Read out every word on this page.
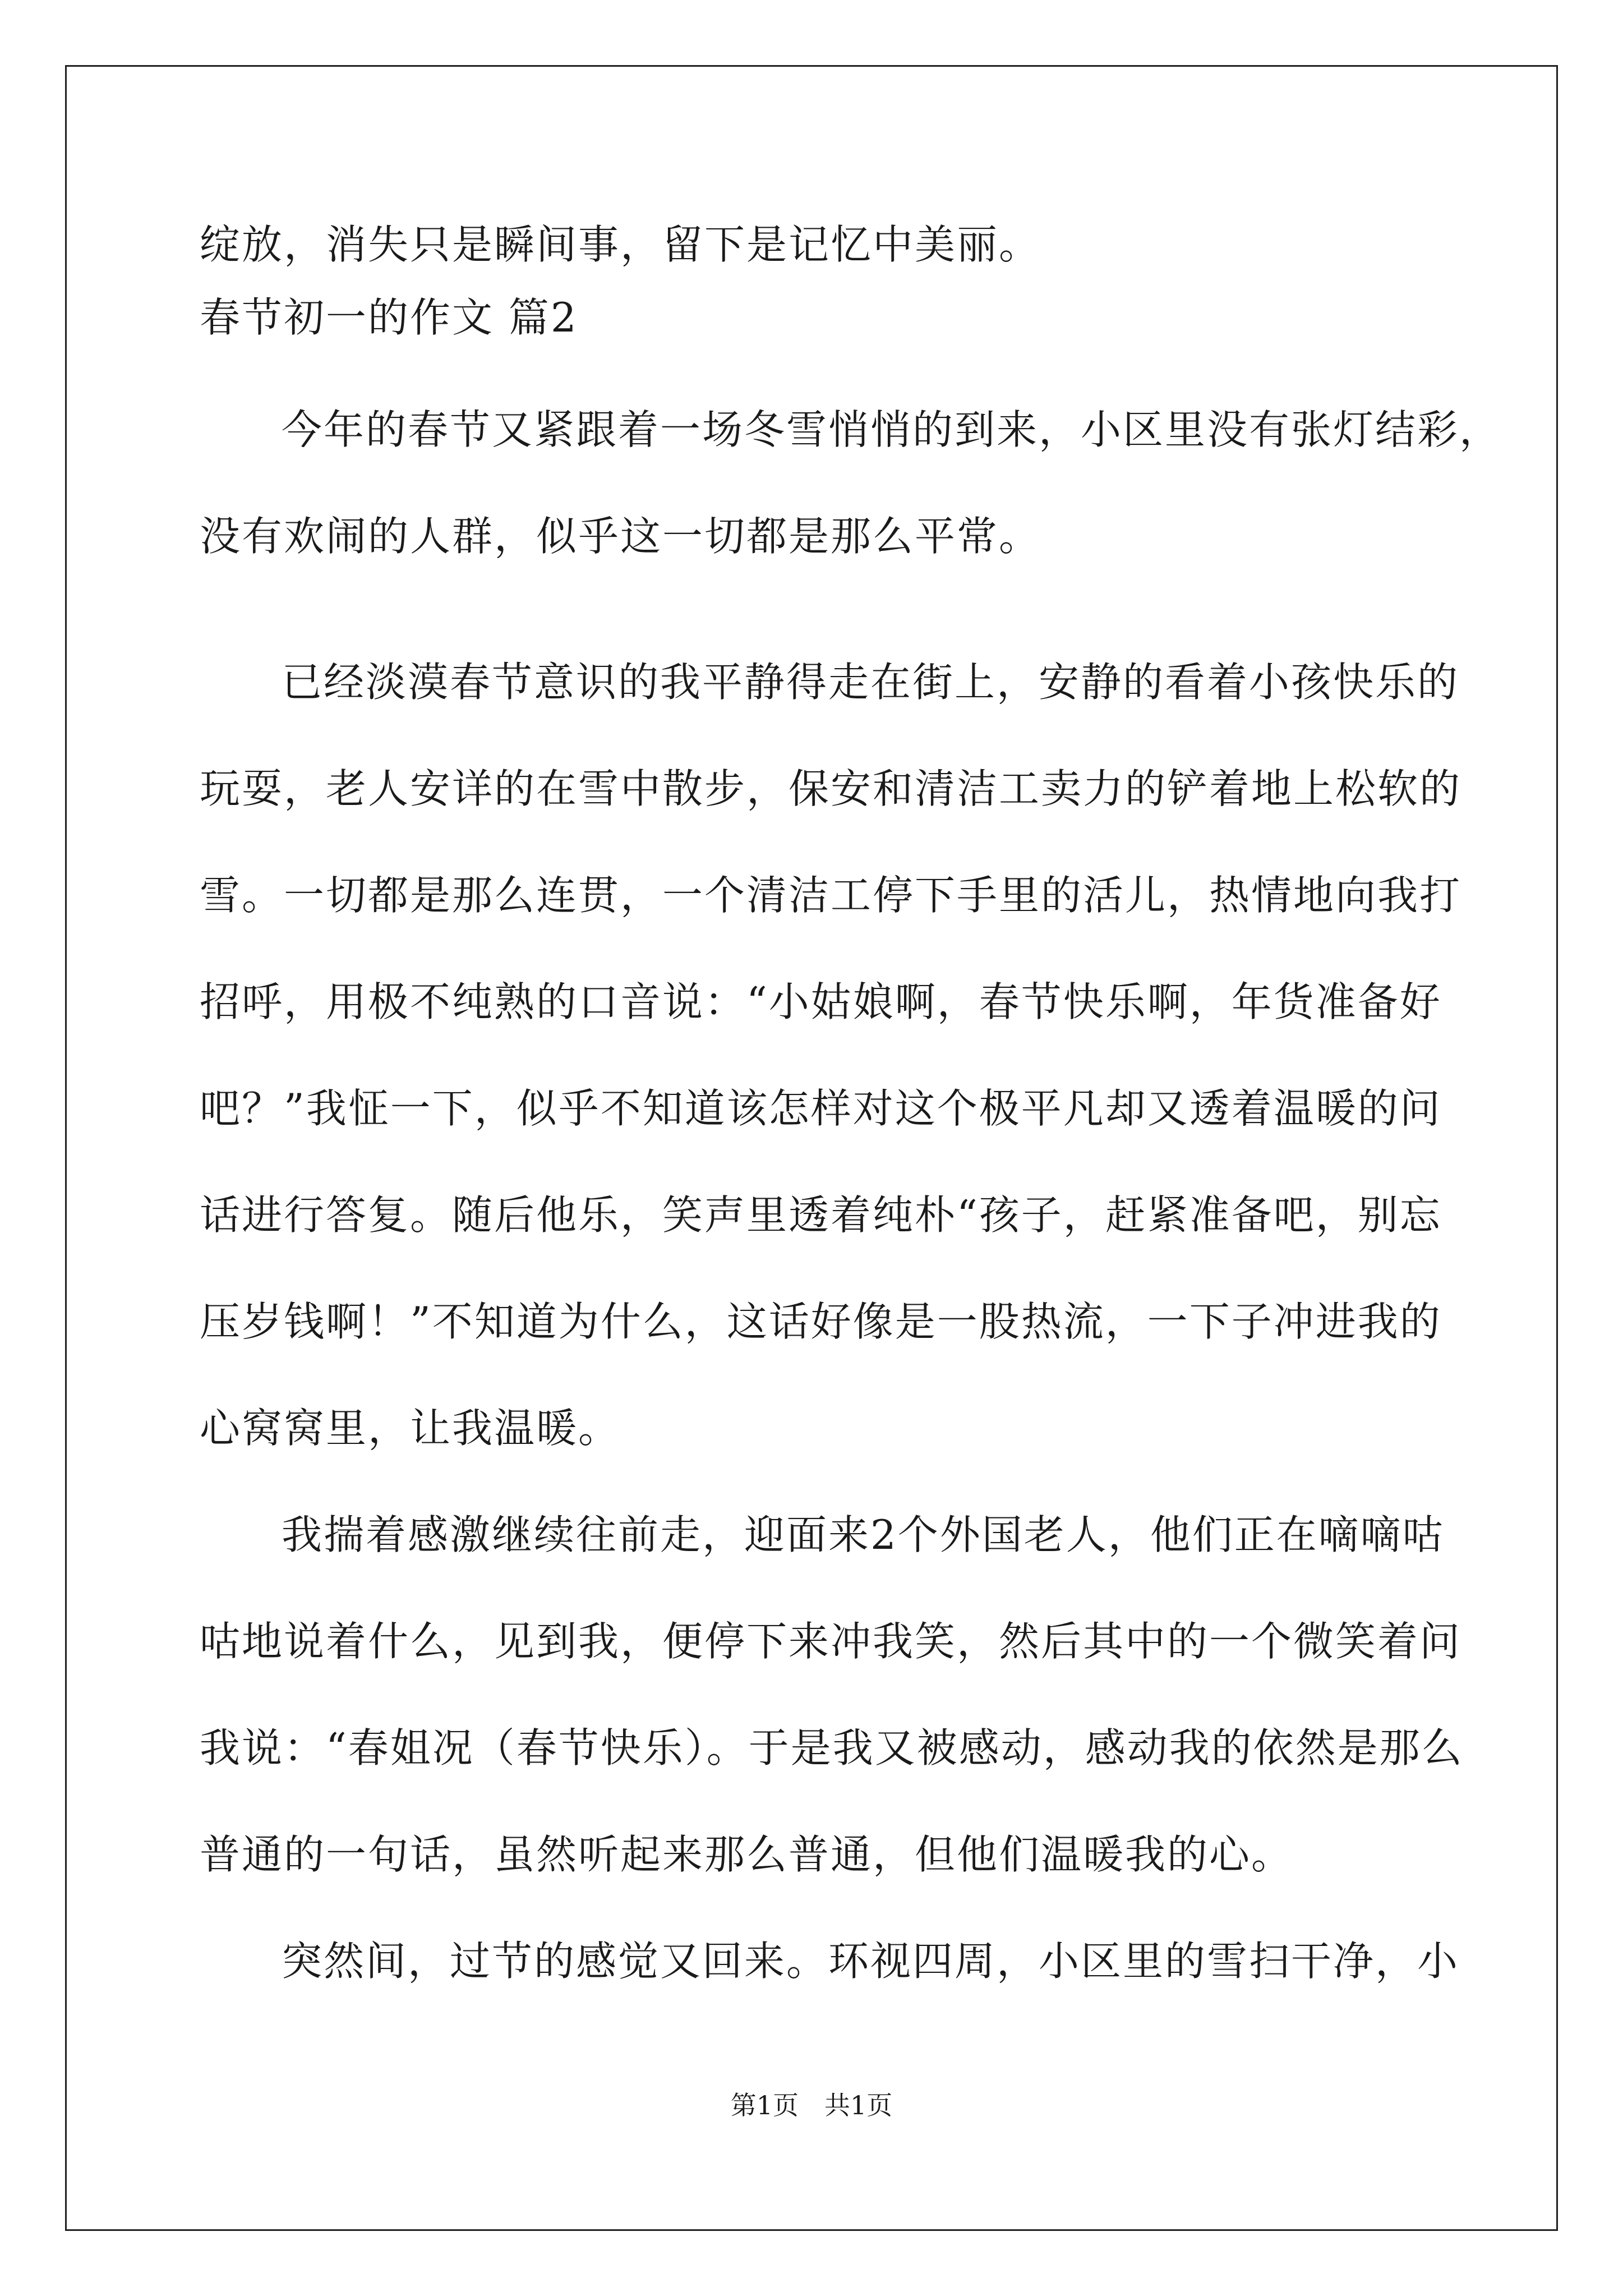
绽放，消失只是瞬间事，留下是记忆中美丽。
春节初一的作文 篇2
今年的春节又紧跟着一场冬雪悄悄的到来，小区里没有张灯结彩，
没有欢闹的人群，似乎这一切都是那么平常。
已经淡漠春节意识的我平静得走在街上，安静的看着小孩快乐的
玩耍，老人安详的在雪中散步，保安和清洁工卖力的铲着地上松软的
雪。一切都是那么连贯，一个清洁工停下手里的活儿，热情地向我打
招呼，用极不纯熟的口音说：“小姑娘啊，春节快乐啊，年货准备好
吧？”我怔一下，似乎不知道该怎样对这个极平凡却又透着温暖的问
话进行答复。随后他乐，笑声里透着纯朴“孩子，赶紧准备吧，别忘
压岁钱啊！”不知道为什么，这话好像是一股热流，一下子冲进我的
心窝窝里，让我温暖。
我揣着感激继续往前走，迎面来2个外国老人，他们正在嘀嘀咕
咕地说着什么，见到我，便停下来冲我笑，然后其中的一个微笑着问
我说：“春姐况（春节快乐）。于是我又被感动，感动我的依然是那么
普通的一句话，虽然听起来那么普通，但他们温暖我的心。
突然间，过节的感觉又回来。环视四周，小区里的雪扫干净，小
第1页　共1页
